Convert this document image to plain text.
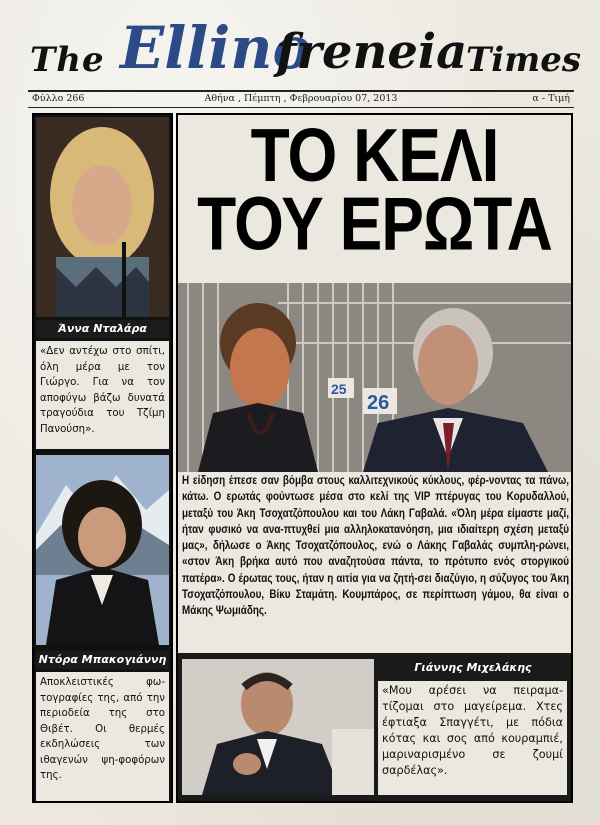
The Ellino
freneia
Times
Φύλλο 266	Αθήνα , Πέμπτη , Φεβρουαρίου 07, 2013	α - Τιμή
Άννα Νταλάρα
«Δεν αντέχω στο σπίτι, όλη μέρα με τον Γιώργο. Για να τον αποφύγω βάζω δυνατά τραγούδια του Τζίμη Πανούση».
Ντόρα Μπακογιάννη
Αποκλειστικές φω-τογραφίες της, από την περιοδεία της στο Θιβέτ. Οι θερμές εκδηλώσεις των ιθαγενών ψη-φοφόρων της.
ΤΟ ΚΕΛΙ
ΤΟΥ ΕΡΩΤΑ
25
26
Η είδηση έπεσε σαν βόμβα στους καλλιτεχνικούς κύκλους, φέρ-νοντας τα πάνω, κάτω. Ο ερωτάς φούντωσε μέσα στο κελί της VIP πτέρυγας του Κορυδαλλού, μεταξύ του Άκη Τσοχατζόπουλου και του Λάκη Γαβαλά. «Όλη μέρα είμαστε μαζί, ήταν φυσικό να ανα-πτυχθεί μια αλληλοκατανόηση, μια ιδιαίτερη σχέση μεταξύ μας», δήλωσε ο Άκης Τσοχατζόπουλος, ενώ ο Λάκης Γαβαλάς συμπλη-ρώνει, «στον Άκη βρήκα αυτό που αναζητούσα πάντα, το πρότυπο ενός στοργικού πατέρα». Ο έρωτας τους, ήταν η αιτία για να ζητή-σει διαζύγιο, η σύζυγος του Άκη Τσοχατζόπουλου, Βίκυ Σταμάτη. Κουμπάρος, σε περίπτωση γάμου, θα είναι ο Μάκης Ψωμιάδης.
Γιάννης Μιχελάκης
«Μου αρέσει να πειραμα-τίζομαι στο μαγείρεμα. Χτες έφτιαξα Σπαγγέτι, με πόδια κότας και σος από κουραμπιέ, μαριναρισμένο σε ζουμί σαρδέλας».
